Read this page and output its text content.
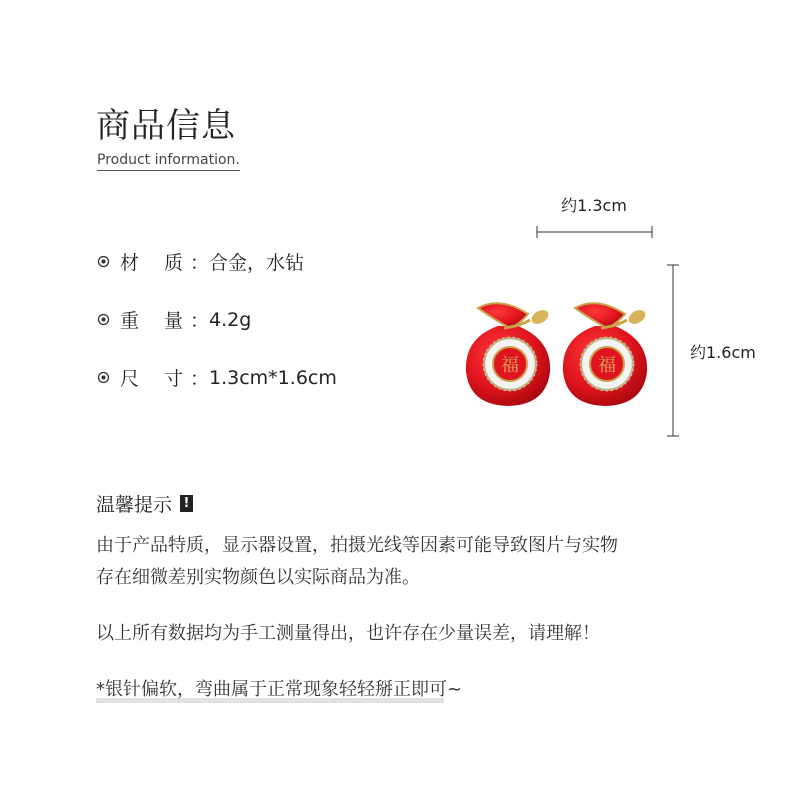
商品信息
Product information.
材	质 ： 合金，水钻
重	量 ： 4.2g
尺	寸 ： 1.3cm*1.6cm
约1.3cm
约1.6cm
福	福
温馨提示 !
由于产品特质，显示器设置，拍摄光线等因素可能导致图片与实物
存在细微差别实物颜色以实际商品为准。
以上所有数据均为手工测量得出，也许存在少量误差，请理解！
*银针偏软，弯曲属于正常现象轻轻掰正即可~
